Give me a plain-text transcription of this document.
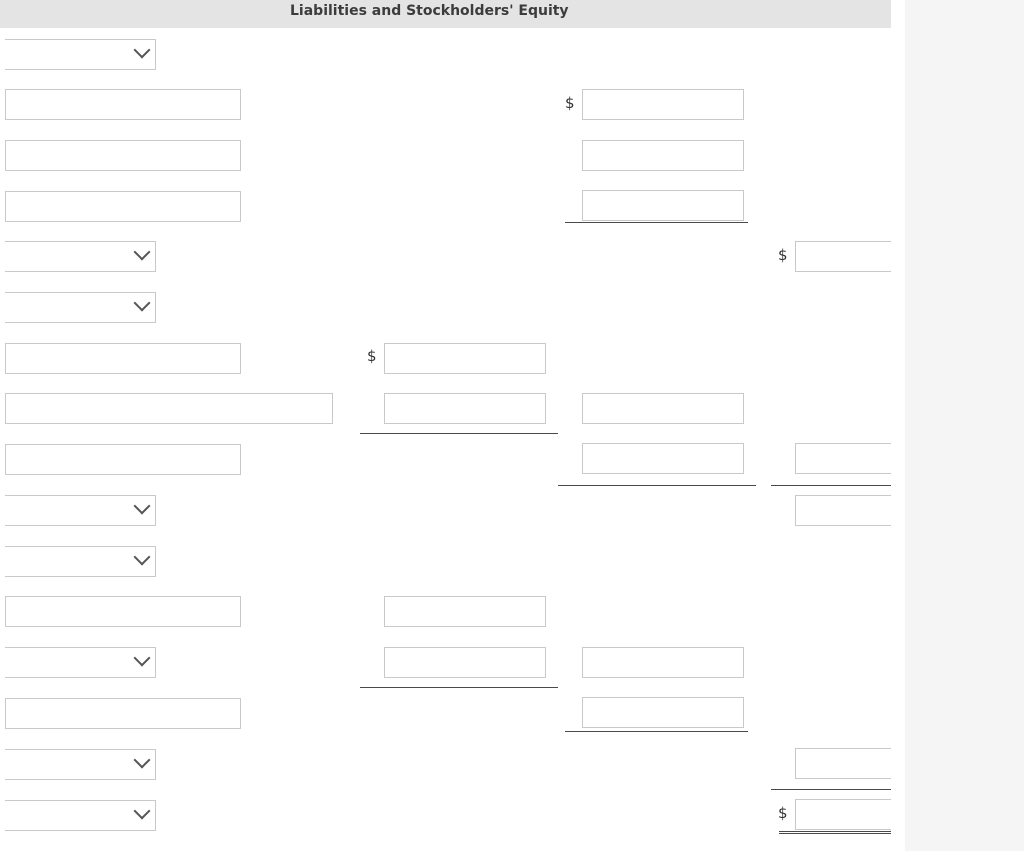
Liabilities and Stockholders' Equity
$
$
$
$
